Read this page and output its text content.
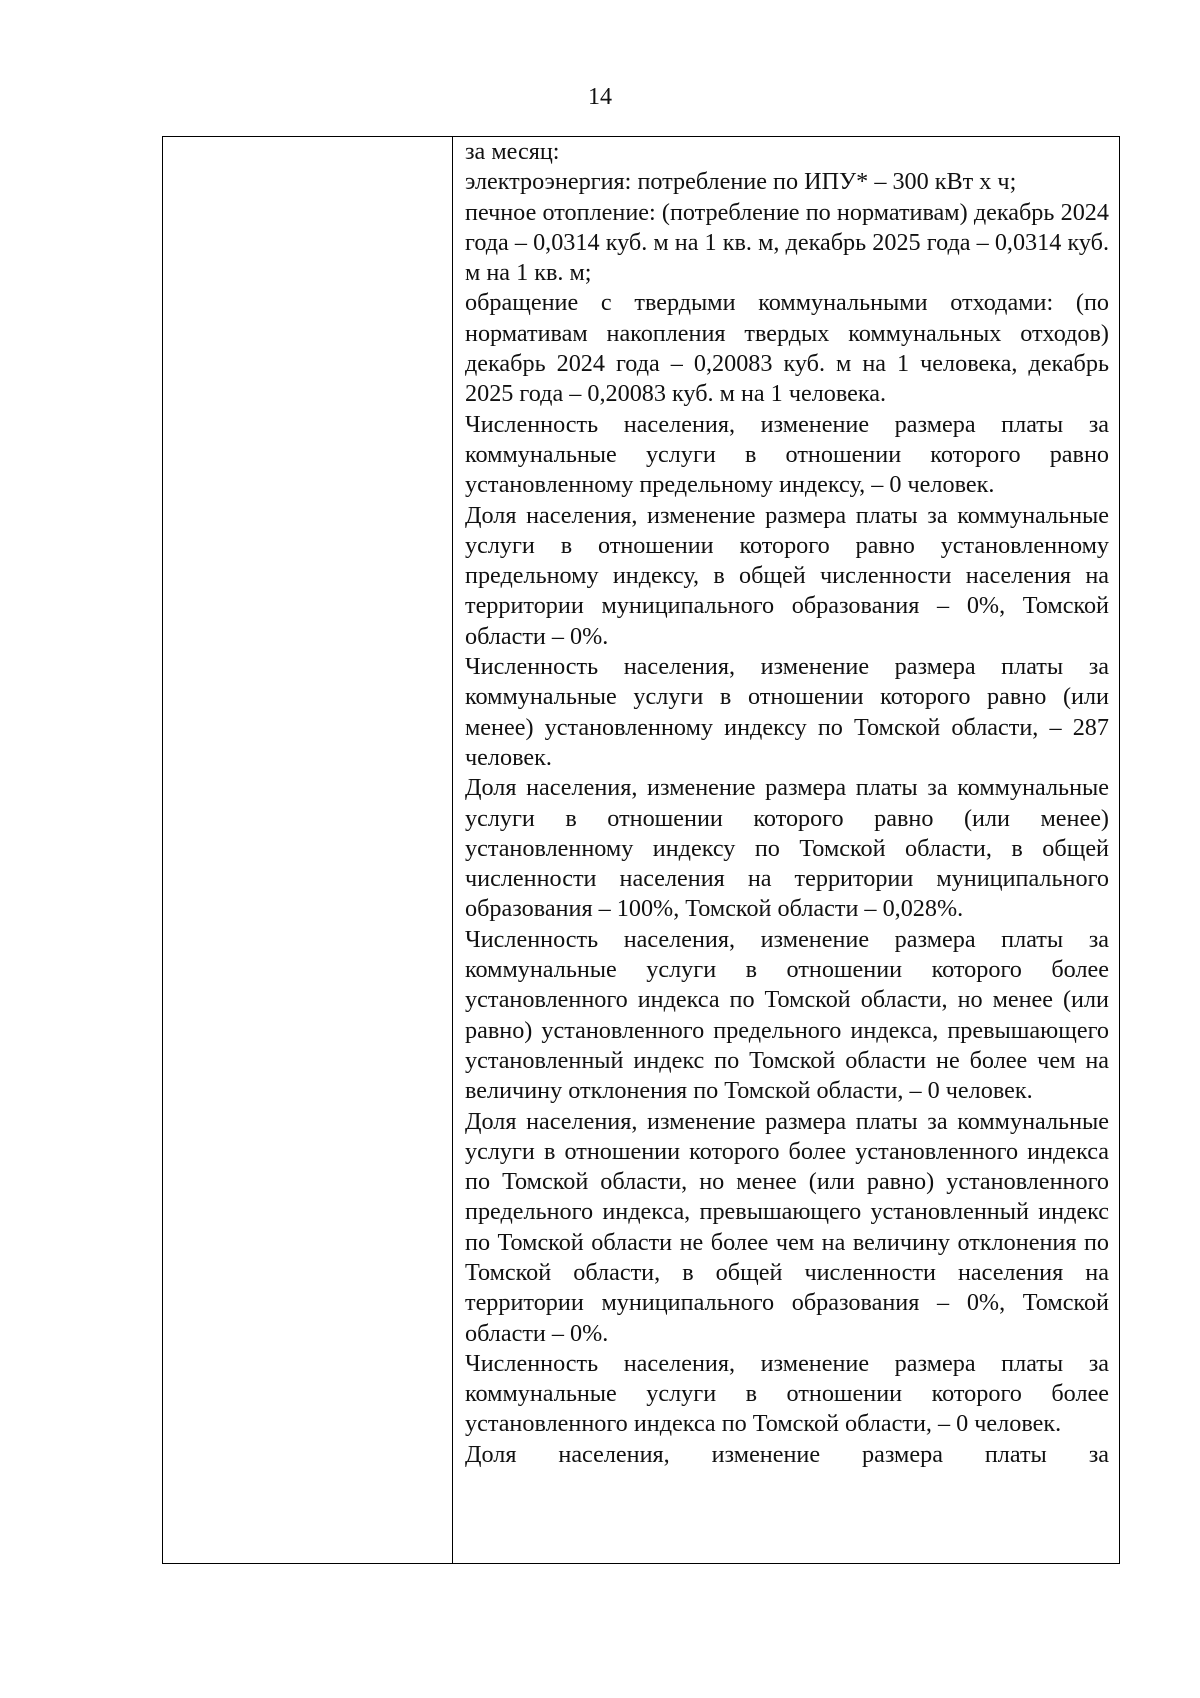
14

за месяц:

электроэнергия: потребление по ИПУ* – 300 кВт х ч;

печное отопление: (потребление по нормативам) декабрь 2024 года – 0,0314 куб. м на 1 кв. м, декабрь 2025 года – 0,0314 куб. м на 1 кв. м;

обращение с твердыми коммунальными отходами: (по нормативам накопления твердых коммунальных отходов) декабрь 2024 года – 0,20083 куб. м на 1 человека, декабрь 2025 года – 0,20083 куб. м на 1 человека.

Численность населения, изменение размера платы за коммунальные услуги в отношении которого равно установленному предельному индексу, – 0 человек.

Доля населения, изменение размера платы за коммунальные услуги в отношении которого равно установленному предельному индексу, в общей численности населения на территории муниципального образования – 0%, Томской области – 0%.

Численность населения, изменение размера платы за коммунальные услуги в отношении которого равно (или менее) установленному индексу по Томской области, – 287 человек.

Доля населения, изменение размера платы за коммунальные услуги в отношении которого равно (или менее) установленному индексу по Томской области, в общей численности населения на территории муниципального образования – 100%, Томской области – 0,028%.

Численность населения, изменение размера платы за коммунальные услуги в отношении которого более установленного индекса по Томской области, но менее (или равно) установленного предельного индекса, превышающего установленный индекс по Томской области не более чем на величину отклонения по Томской области, – 0 человек.

Доля населения, изменение размера платы за коммунальные услуги в отношении которого более установленного индекса по Томской области, но менее (или равно) установленного предельного индекса, превышающего установленный индекс по Томской области не более чем на величину отклонения по Томской области, в общей численности населения на территории муниципального образования – 0%, Томской области – 0%.

Численность населения, изменение размера платы за коммунальные услуги в отношении которого более установленного индекса по Томской области, – 0 человек.

Доля населения, изменение размера платы за
